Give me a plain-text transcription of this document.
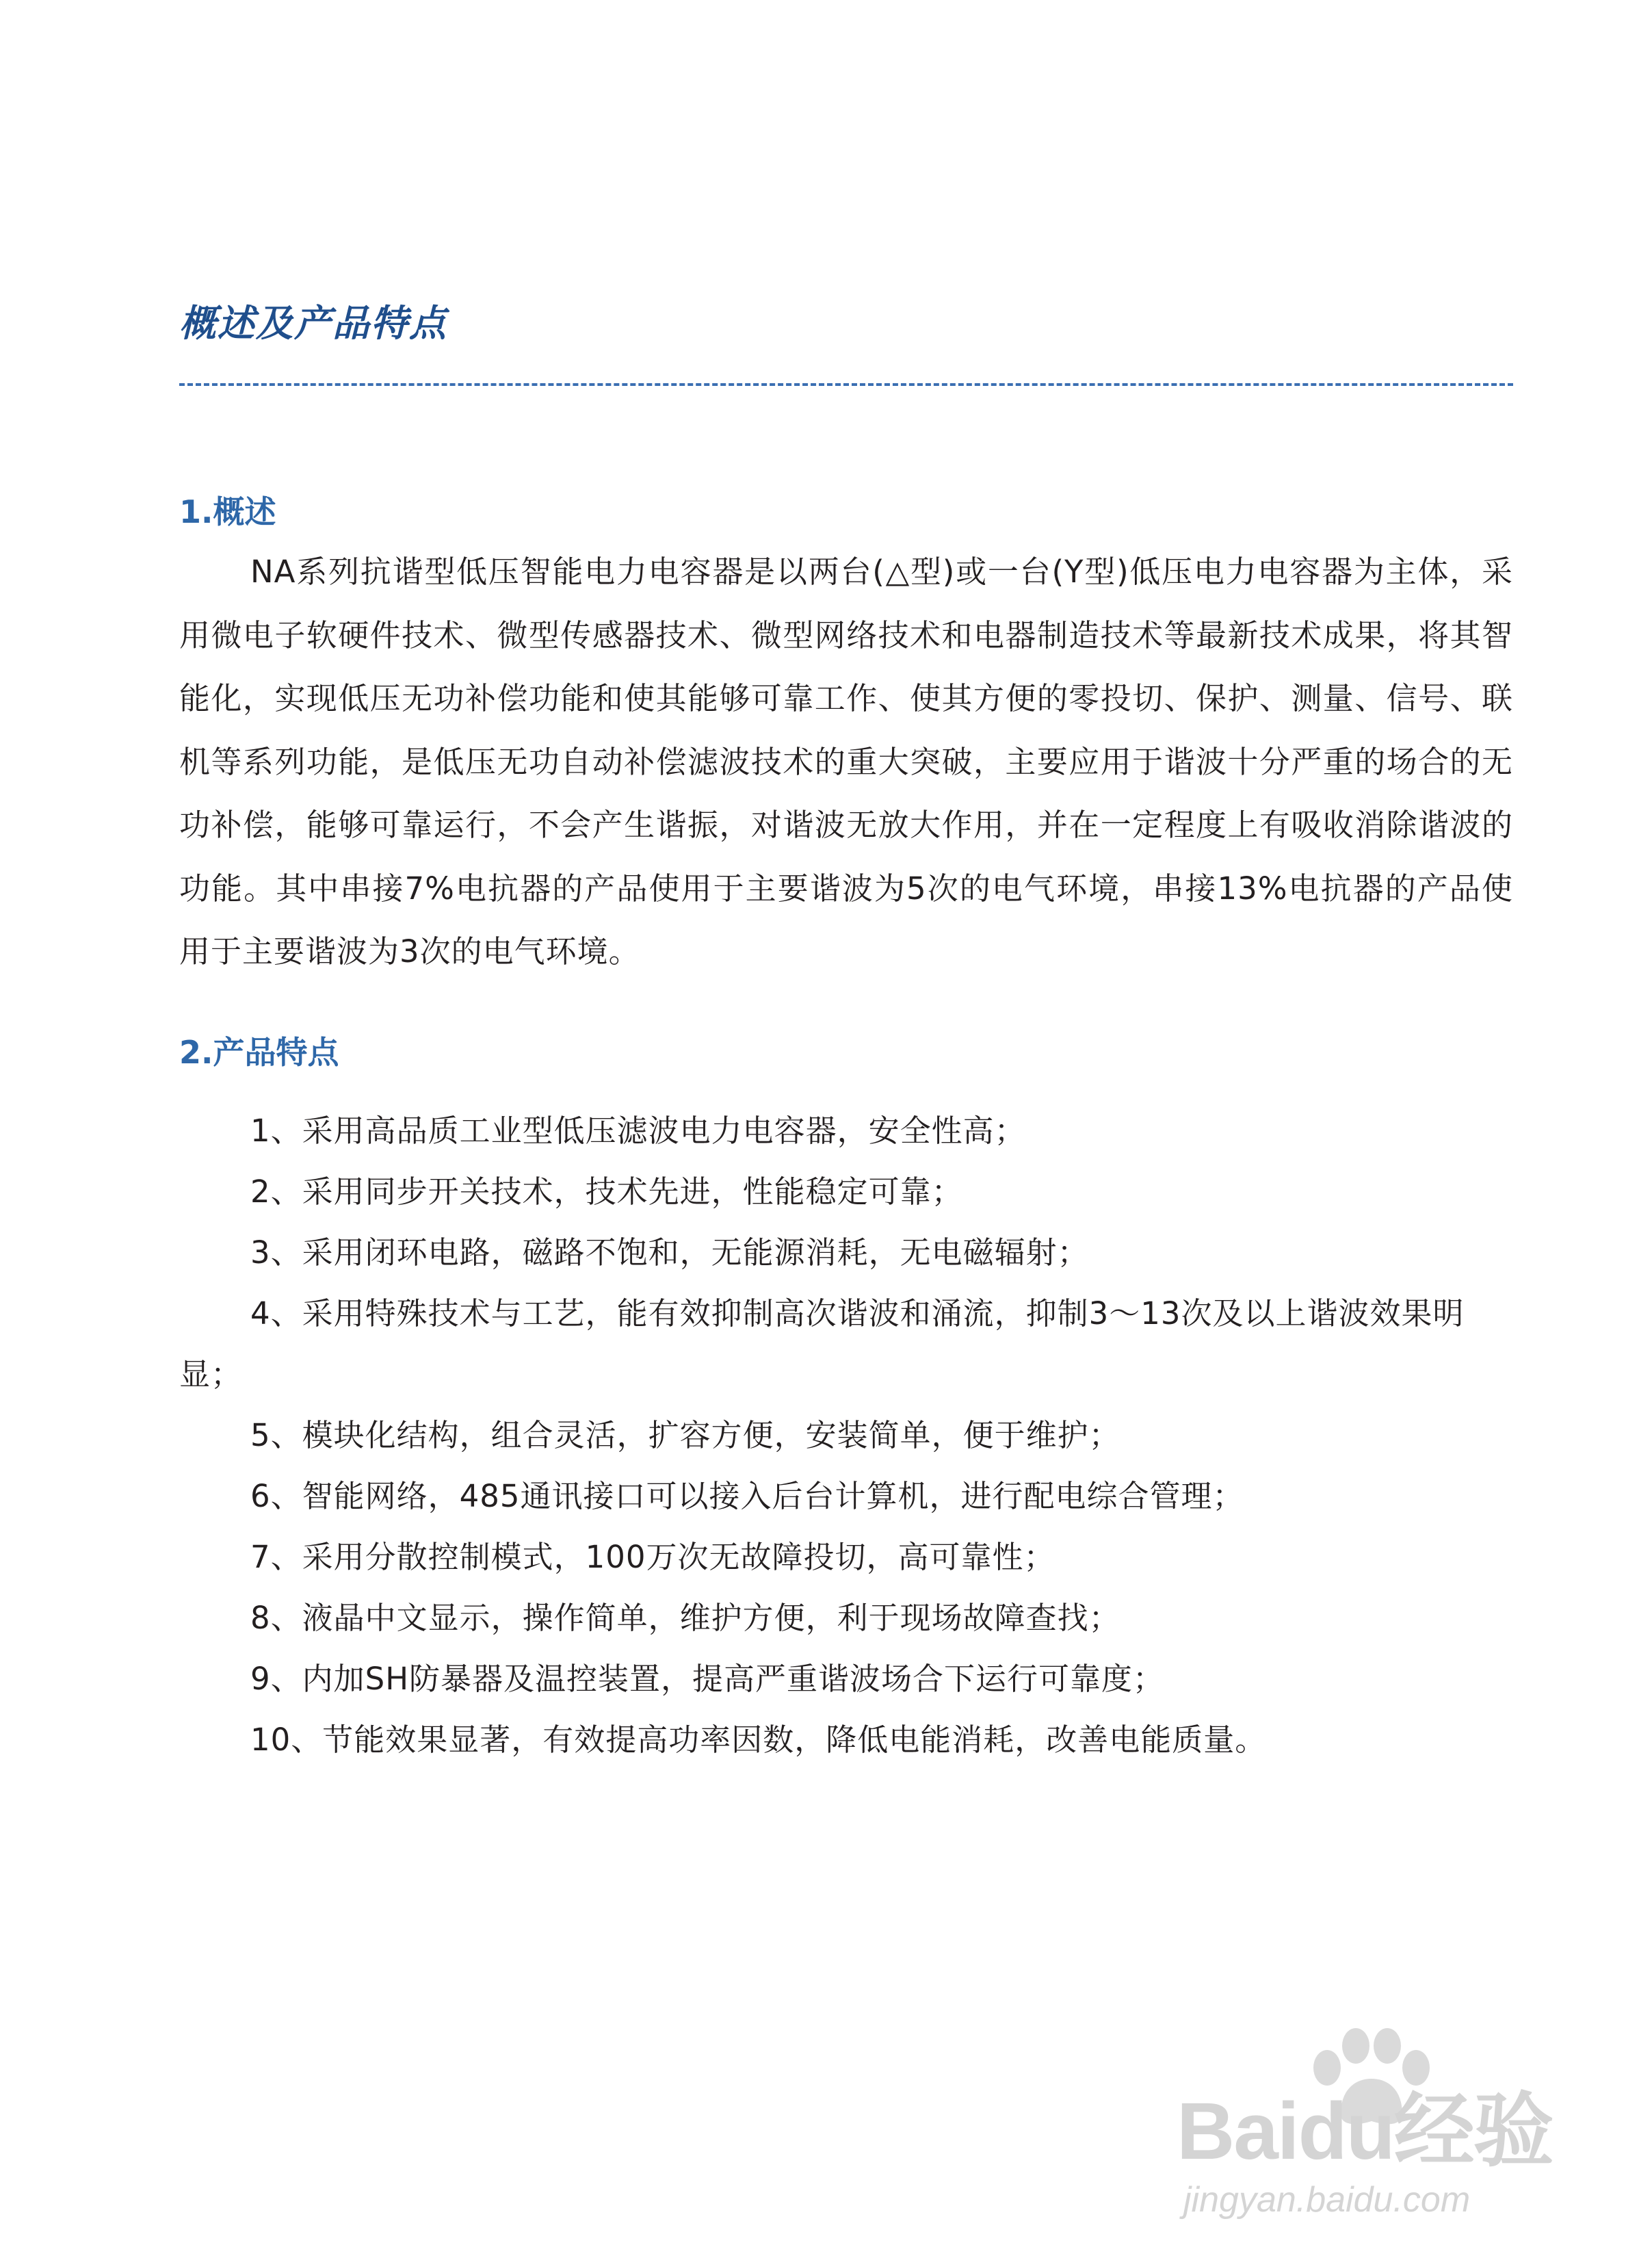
概述及产品特点
1.概述

NA系列抗谐型低压智能电力电容器是以两台(△型)或一台(Y型)低压电力电容器为主体，采用微电子软硬件技术、微型传感器技术、微型网络技术和电器制造技术等最新技术成果，将其智能化，实现低压无功补偿功能和使其能够可靠工作、使其方便的零投切、保护、测量、信号、联机等系列功能，是低压无功自动补偿滤波技术的重大突破，主要应用于谐波十分严重的场合的无功补偿，能够可靠运行，不会产生谐振，对谐波无放大作用，并在一定程度上有吸收消除谐波的功能。其中串接7%电抗器的产品使用于主要谐波为5次的电气环境，串接13%电抗器的产品使用于主要谐波为3次的电气环境。

2.产品特点
1、采用高品质工业型低压滤波电力电容器，安全性高；
2、采用同步开关技术，技术先进，性能稳定可靠；
3、采用闭环电路，磁路不饱和，无能源消耗，无电磁辐射；
4、采用特殊技术与工艺，能有效抑制高次谐波和涌流，抑制3～13次及以上谐波效果明显；
5、模块化结构，组合灵活，扩容方便，安装简单，便于维护；
6、智能网络，485通讯接口可以接入后台计算机，进行配电综合管理；
7、采用分散控制模式，100万次无故障投切，高可靠性；
8、液晶中文显示，操作简单，维护方便，利于现场故障查找；
9、内加SH防暴器及温控装置，提高严重谐波场合下运行可靠度；
10、节能效果显著，有效提高功率因数，降低电能消耗，改善电能质量。
Baidu经验
jingyan.baidu.com
